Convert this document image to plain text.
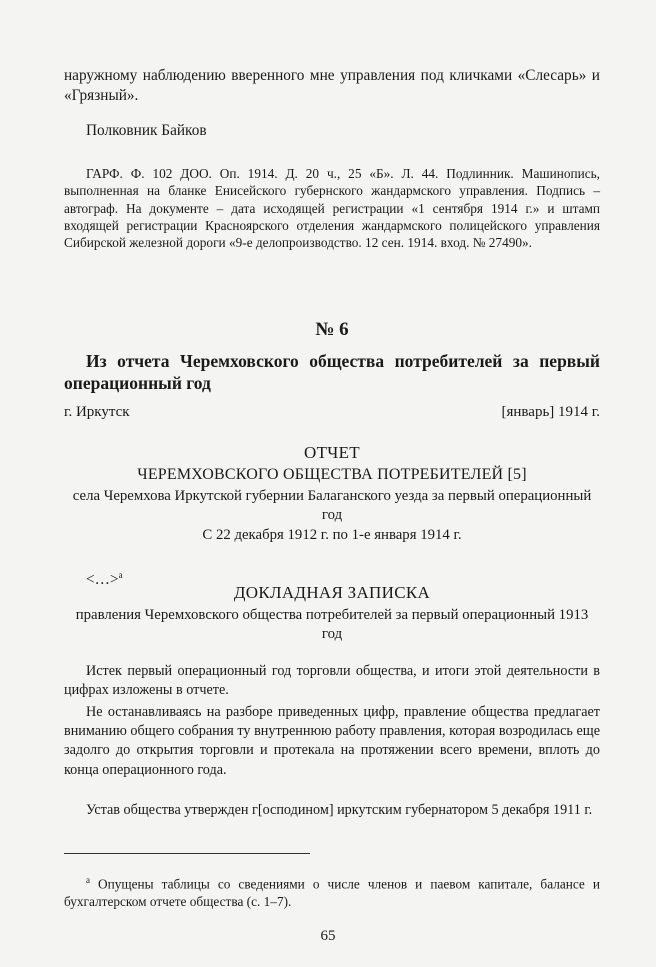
наружному наблюдению вверенного мне управления под кличками «Слесарь» и «Грязный».
Полковник Байков
ГАРФ. Ф. 102 ДОО. Оп. 1914. Д. 20 ч., 25 «Б». Л. 44. Подлинник. Машинопись, выполненная на бланке Енисейского губернского жандармского управления. Подпись – автограф. На документе – дата исходящей регистрации «1 сентября 1914 г.» и штамп входящей регистрации Красноярского отделения жандармского полицейского управления Сибирской железной дороги «9-е делопроизводство. 12 сен. 1914. вход. № 27490».
№ 6
Из отчета Черемховского общества потребителей за первый операционный год
г. Иркутск	[январь] 1914 г.
ОТЧЕТ
ЧЕРЕМХОВСКОГО ОБЩЕСТВА ПОТРЕБИТЕЛЕЙ [5]
села Черемхова Иркутской губернии Балаганского уезда за первый операционный год
С 22 декабря 1912 г. по 1-е января 1914 г.
<…>$^а$
ДОКЛАДНАЯ ЗАПИСКА
правления Черемховского общества потребителей за первый операционный 1913 год
Истек первый операционный год торговли общества, и итоги этой деятельности в цифрах изложены в отчете.
Не останавливаясь на разборе приведенных цифр, правление общества предлагает вниманию общего собрания ту внутреннюю работу правления, которая возродилась еще задолго до открытия торговли и протекала на протяжении всего времени, вплоть до конца операционного года.
Устав общества утвержден г[осподином] иркутским губернатором 5 декабря 1911 г.
$^а$ Опущены таблицы со сведениями о числе членов и паевом капитале, балансе и бухгалтерском отчете общества (с. 1–7).
65
